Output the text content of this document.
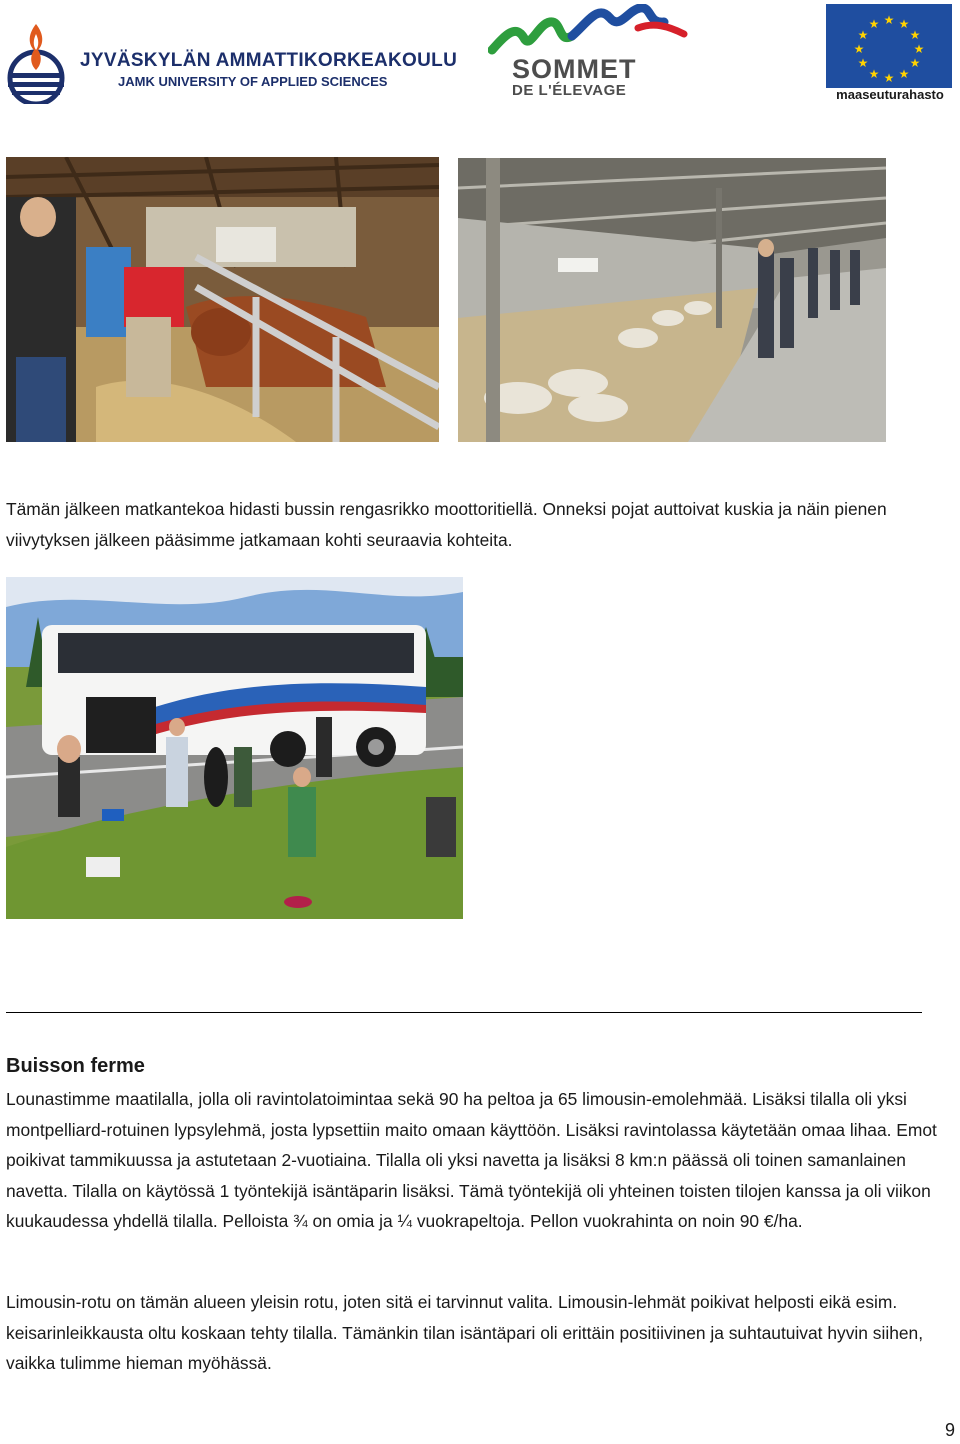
JYVÄSKYLÄN AMMATTIKORKEAKOULU
JAMK UNIVERSITY OF APPLIED SCIENCES	SOMMET
DE L'ÉLEVAGE
★ ★
★
★
★
★
★
★
★
★
★
★
maaseuturahasto
Tämän jälkeen matkantekoa hidasti bussin rengasrikko moottoritiellä. Onneksi pojat auttoivat kuskia ja näin pienen viivytyksen jälkeen pääsimme jatkamaan kohti seuraavia kohteita.
Buisson ferme
Lounastimme maatilalla, jolla oli ravintolatoimintaa sekä 90 ha peltoa ja 65 limousin-emolehmää. Lisäksi tilalla oli yksi montpelliard-rotuinen lypsylehmä, josta lypsettiin maito omaan käyttöön. Lisäksi ravintolassa käytetään omaa lihaa. Emot poikivat tammikuussa ja astutetaan 2-vuotiaina. Tilalla oli yksi navetta ja lisäksi 8 km:n päässä oli toinen samanlainen navetta. Tilalla on käytössä 1 työntekijä isäntäparin lisäksi. Tämä työntekijä oli yhteinen toisten tilojen kanssa ja oli viikon kuukaudessa yhdellä tilalla. Pelloista ¾ on omia ja ¼ vuokrapeltoja. Pellon vuokrahinta on noin 90 €/ha.
Limousin-rotu on tämän alueen yleisin rotu, joten sitä ei tarvinnut valita. Limousin-lehmät poikivat helposti eikä esim. keisarinleikkausta oltu koskaan tehty tilalla. Tämänkin tilan isäntäpari oli erittäin positiivinen ja suhtautuivat hyvin siihen, vaikka tulimme hieman myöhässä.
9
